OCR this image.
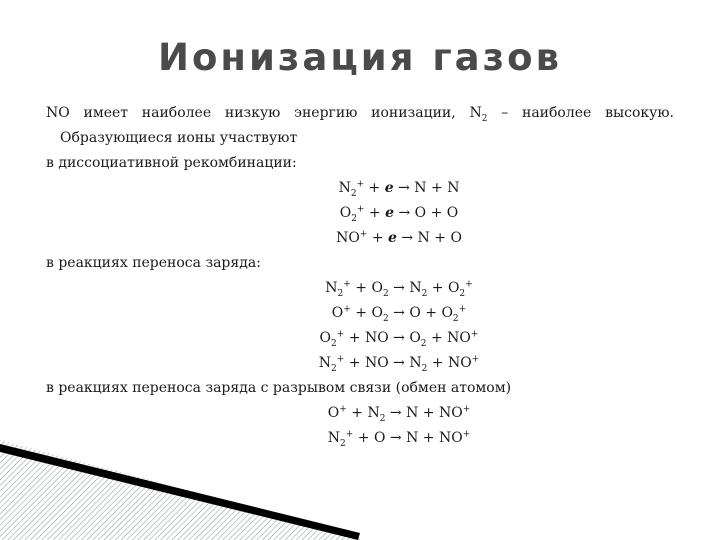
Ионизация газов

NO имеет наиболее низкую энергию ионизации, $N_2$ – наиболее высокую.

Образующиеся ионы участвуют

в диссоциативной рекомбинации:

$N_2^+ + e \to N + N$

$O_2^+ + e \to O + O$

NO+ + e → N + O

в реакциях переноса заряда:

$N_2^+ + O_2 \to N_2 + O_2^+$

$O^+ + O_2 \to O + O_2^+$

$O_2^+$ + NO → $O_2 + NO^+$

$N_2^+$ + NO → $N_2 + NO^+$

в реакциях переноса заряда с разрывом связи (обмен атомом)

$O^+ + N_2 \to N + NO^+$

$N_2^+ + O \to N + NO^+$
